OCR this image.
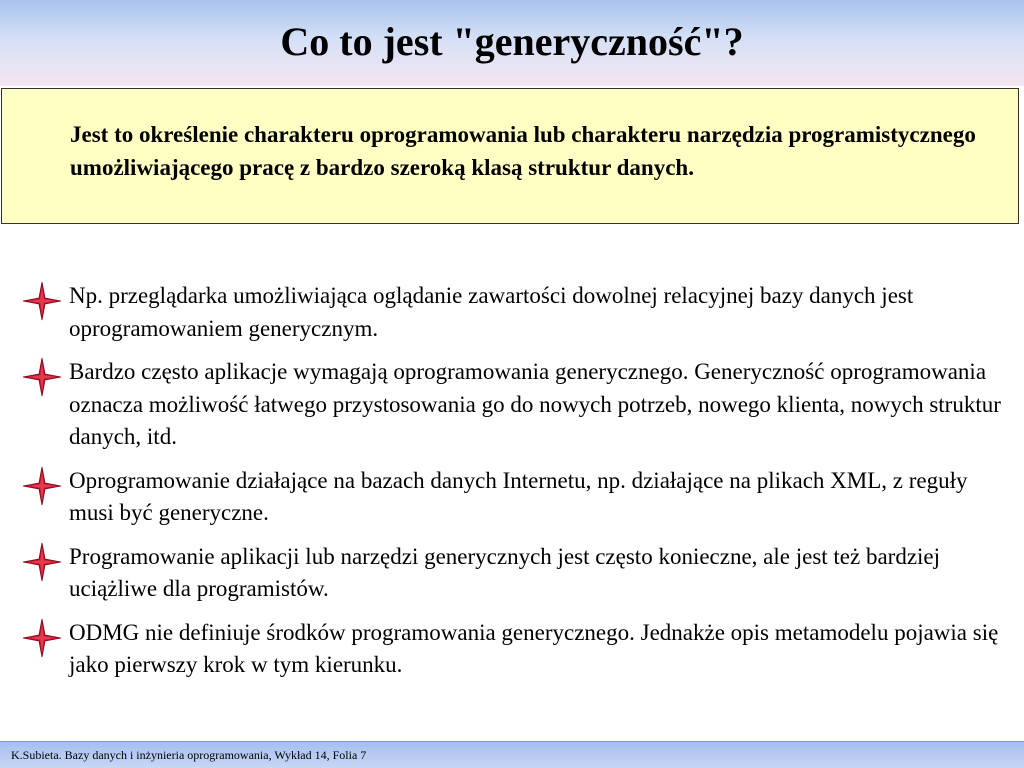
Co to jest "generyczność"?

Jest to określenie charakteru oprogramowania lub charakteru narzędzia programistycznego umożliwiającego pracę z bardzo szeroką klasą struktur danych.

Np. przeglądarka umożliwiająca oglądanie zawartości dowolnej relacyjnej bazy danych jest oprogramowaniem generycznym.
Bardzo często aplikacje wymagają oprogramowania generycznego. Generyczność oprogramowania oznacza możliwość łatwego przystosowania go do nowych potrzeb, nowego klienta, nowych struktur danych, itd.
Oprogramowanie działające na bazach danych Internetu, np. działające na plikach XML, z reguły musi być generyczne.
Programowanie aplikacji lub narzędzi generycznych jest często konieczne, ale jest też bardziej uciążliwe dla programistów.
ODMG nie definiuje środków programowania generycznego. Jednakże opis metamodelu pojawia się jako pierwszy krok w tym kierunku.

K.Subieta. Bazy danych i inżynieria oprogramowania, Wykład 14, Folia 7
